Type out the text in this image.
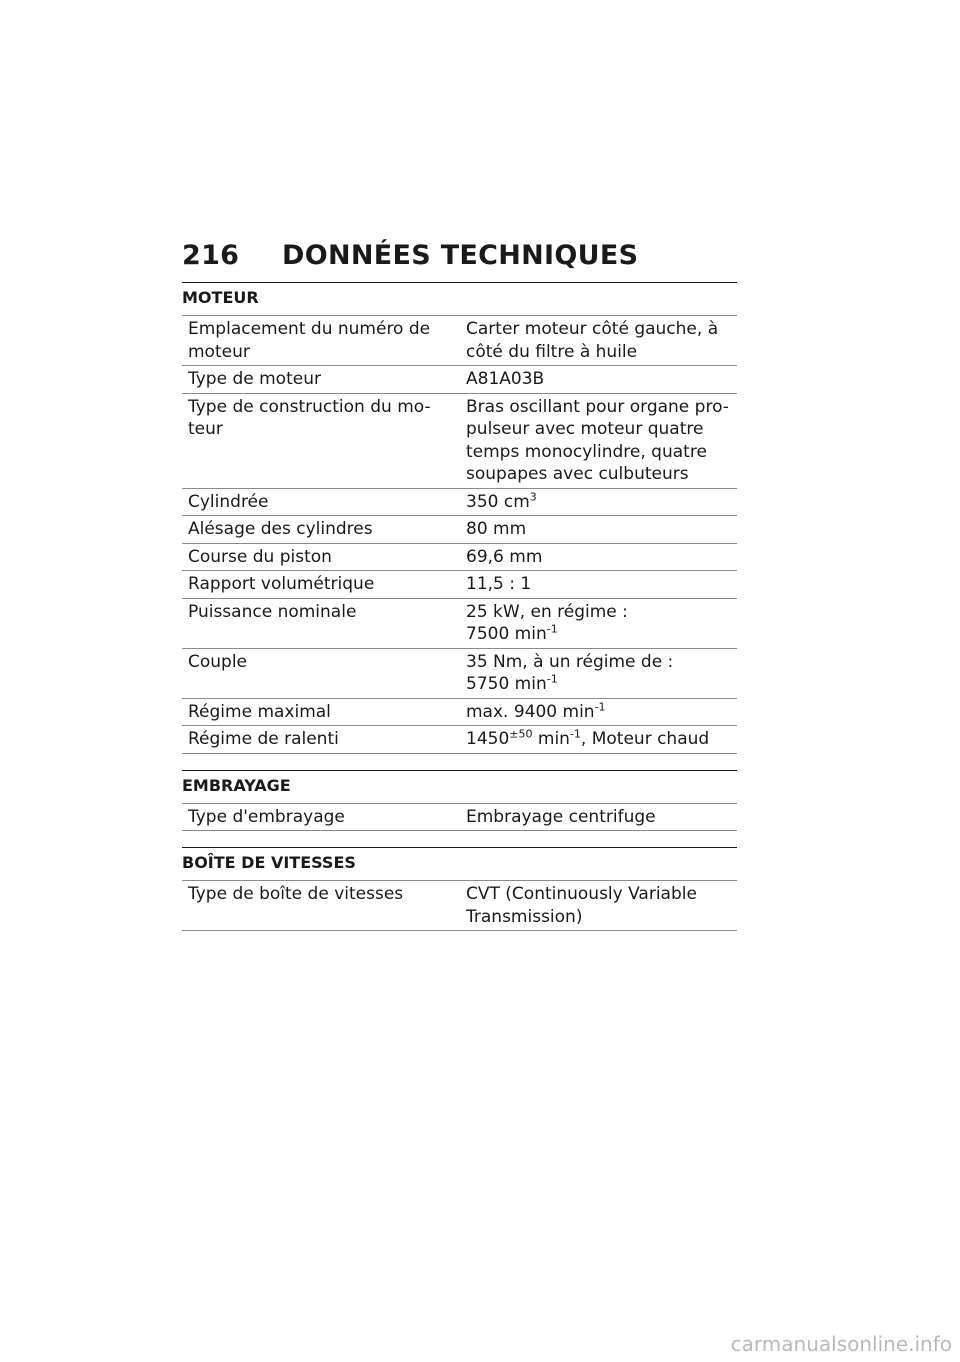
216	DONNÉES TECHNIQUES
MOTEUR
Emplacement du numéro de moteur	Carter moteur côté gauche, à côté du filtre à huile
Type de moteur	A81A03B
Type de construction du mo-teur	Bras oscillant pour organe pro-pulseur avec moteur quatre temps monocylindre, quatre soupapes avec culbuteurs
Cylindrée	350 $cm^3$
Alésage des cylindres	80 mm
Course du piston	69,6 mm
Rapport volumétrique	11,5 : 1
Puissance nominale	25 kW, en régime :
7500 $\min^{-1}$

Couple	35 Nm, à un régime de :
5750 $\min^{-1}$

Régime maximal	max. 9400 $\min^{-1}$
Régime de ralenti	$1450^{\pm 50}$ $\min^{-1}$, Moteur chaud
EMBRAYAGE
Type d'embrayage	Embrayage centrifuge
BOÎTE DE VITESSES
Type de boîte de vitesses	CVT (Continuously Variable Transmission)
carmanualsonline.info
